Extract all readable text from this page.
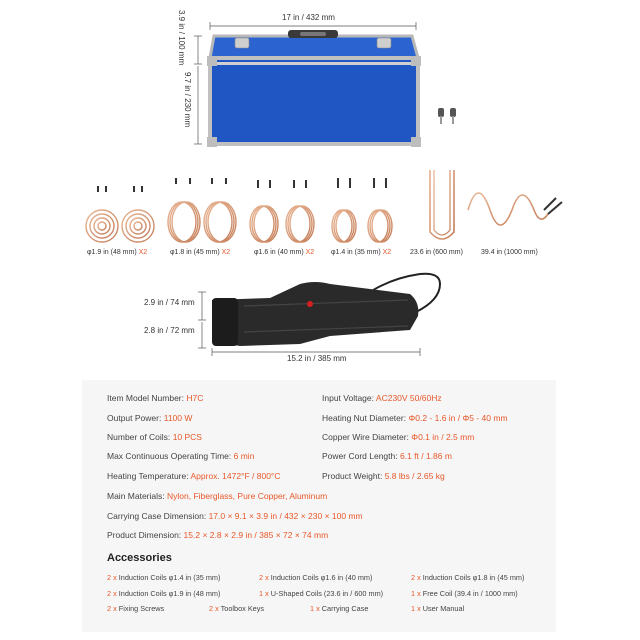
17 in / 432 mm
3.9 in / 100 mm
9.7 in / 230 mm
φ1.9 in (48 mm) X2	φ1.8 in (45 mm) X2	φ1.6 in (40 mm) X2 φ1.4 in (35 mm) X2	23.6 in (600 mm)	39.4 in (1000 mm)
2.9 in / 74 mm
2.8 in / 72 mm
15.2 in / 385 mm
Item Model Number: H7C
Output Power: 1100 W
Number of Coils: 10 PCS
Max Continuous Operating Time: 6 min
Heating Temperature: Approx. 1472°F / 800°C
Input Voltage: AC230V 50/60Hz
Heating Nut Diameter: Φ0.2 - 1.6 in / Φ5 - 40 mm
Copper Wire Diameter: Φ0.1 in / 2.5 mm
Power Cord Length: 6.1 ft / 1.86 m
Product Weight: 5.8 lbs / 2.65 kg
Main Materials: Nylon, Fiberglass, Pure Copper, Aluminum
Carrying Case Dimension: 17.0 × 9.1 × 3.9 in / 432 × 230 × 100 mm
Product Dimension: 15.2 × 2.8 × 2.9 in / 385 × 72 × 74 mm
Accessories
2 x Induction Coils φ1.4 in (35 mm)	2 x Induction Coils φ1.6 in (40 mm)	2 x Induction Coils φ1.8 in (45 mm)
2 x Induction Coils φ1.9 in (48 mm)	1 x U-Shaped Coils (23.6 in / 600 mm)	1 x Free Coil (39.4 in / 1000 mm)
2 x Fixing Screws	2 x Toolbox Keys	1 x Carrying Case	1 x User Manual
